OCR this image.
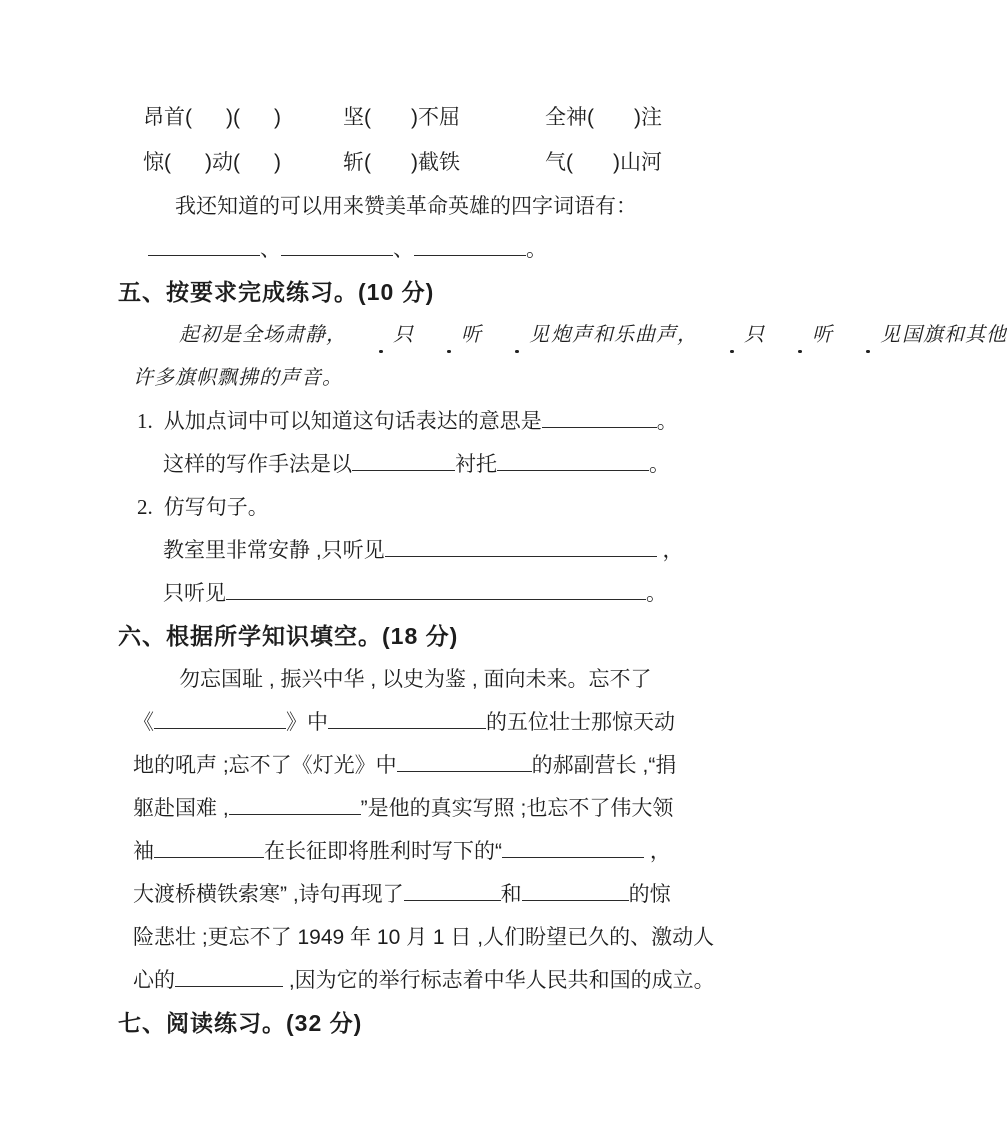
昂首( )( )	坚( )不屈	全神( )注
惊( )动( )	斩( )截铁	气( )山河
我还知道的可以用来赞美革命英雄的四字词语有：
、	、	。
五、按要求完成练习。(10 分)
起初是全场肃静， 只 听 见炮声和乐曲声， 只 听 见国旗和其他
许多旗帜飘拂的声音。
1. 从加点词中可以知道这句话表达的意思是	。
这样的写作手法是以	衬托	。
2. 仿写句子。
教室里非常安静 ,只听见	，
只听见	。
六、根据所学知识填空。(18 分)
勿忘国耻 , 振兴中华 , 以史为鉴 , 面向未来。忘不了
《	》中	的五位壮士那惊天动
地的吼声 ;忘不了《灯光》中	的郝副营长 ,“捐
躯赴国难 ,	”是他的真实写照 ;也忘不了伟大领
袖	在长征即将胜利时写下的“	，
大渡桥横铁索寒” ,诗句再现了	和	的惊
险悲壮 ;更忘不了 1949 年 10 月 1 日 ,人们盼望已久的、激动人
心的	,因为它的举行标志着中华人民共和国的成立。
七、阅读练习。(32 分)
